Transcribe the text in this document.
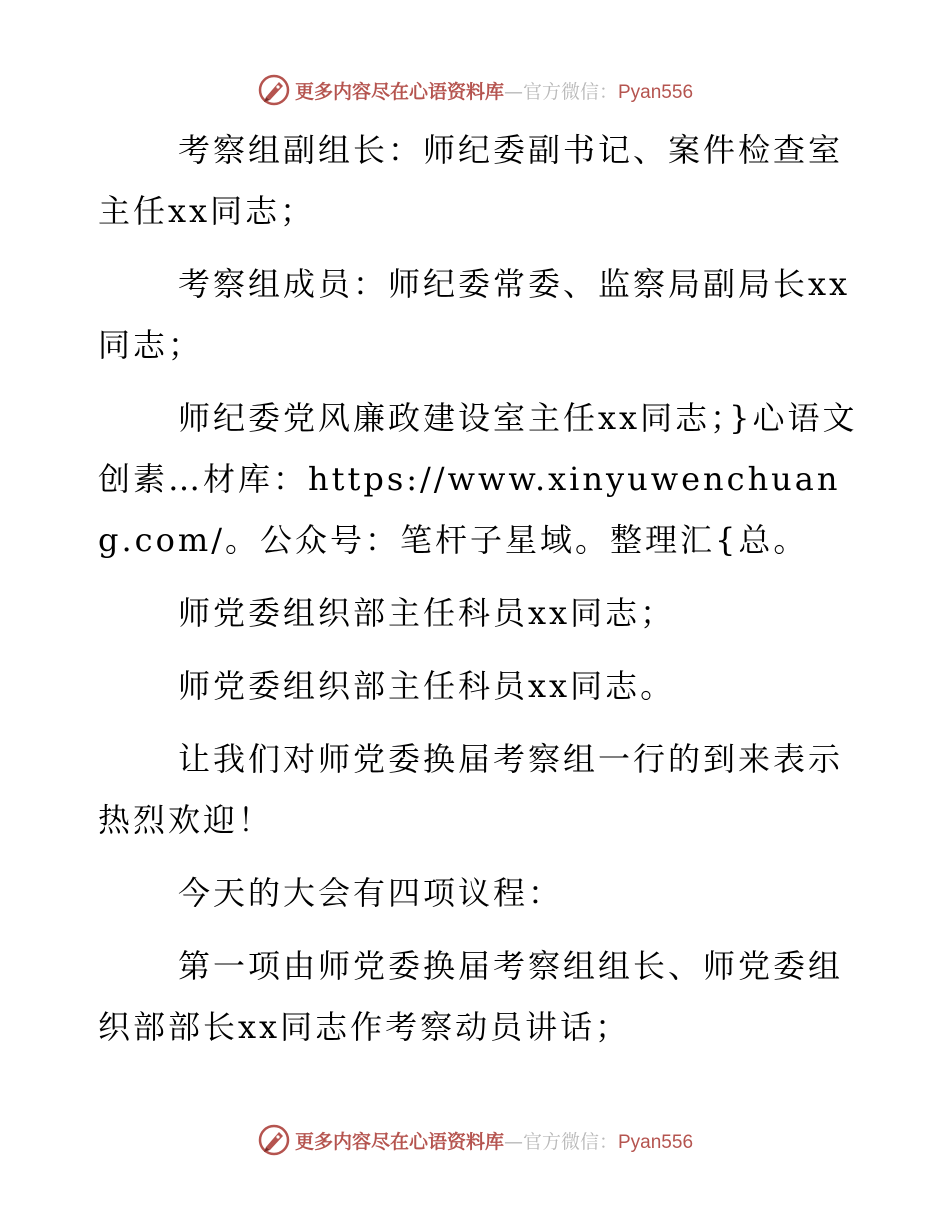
更多内容尽在心语资料库—官方微信：Pyan556

考察组副组长：师纪委副书记、案件检查室主任xx同志；

考察组成员：师纪委常委、监察局副局长xx同志；

师纪委党风廉政建设室主任xx同志；}心语文创素…材库：https://www.xinyuwenchuang.com/。公众号：笔杆子星域。整理汇{总。

师党委组织部主任科员xx同志；

师党委组织部主任科员xx同志。

让我们对师党委换届考察组一行的到来表示热烈欢迎！

今天的大会有四项议程：

第一项由师党委换届考察组组长、师党委组织部部长xx同志作考察动员讲话；

更多内容尽在心语资料库—官方微信：Pyan556
